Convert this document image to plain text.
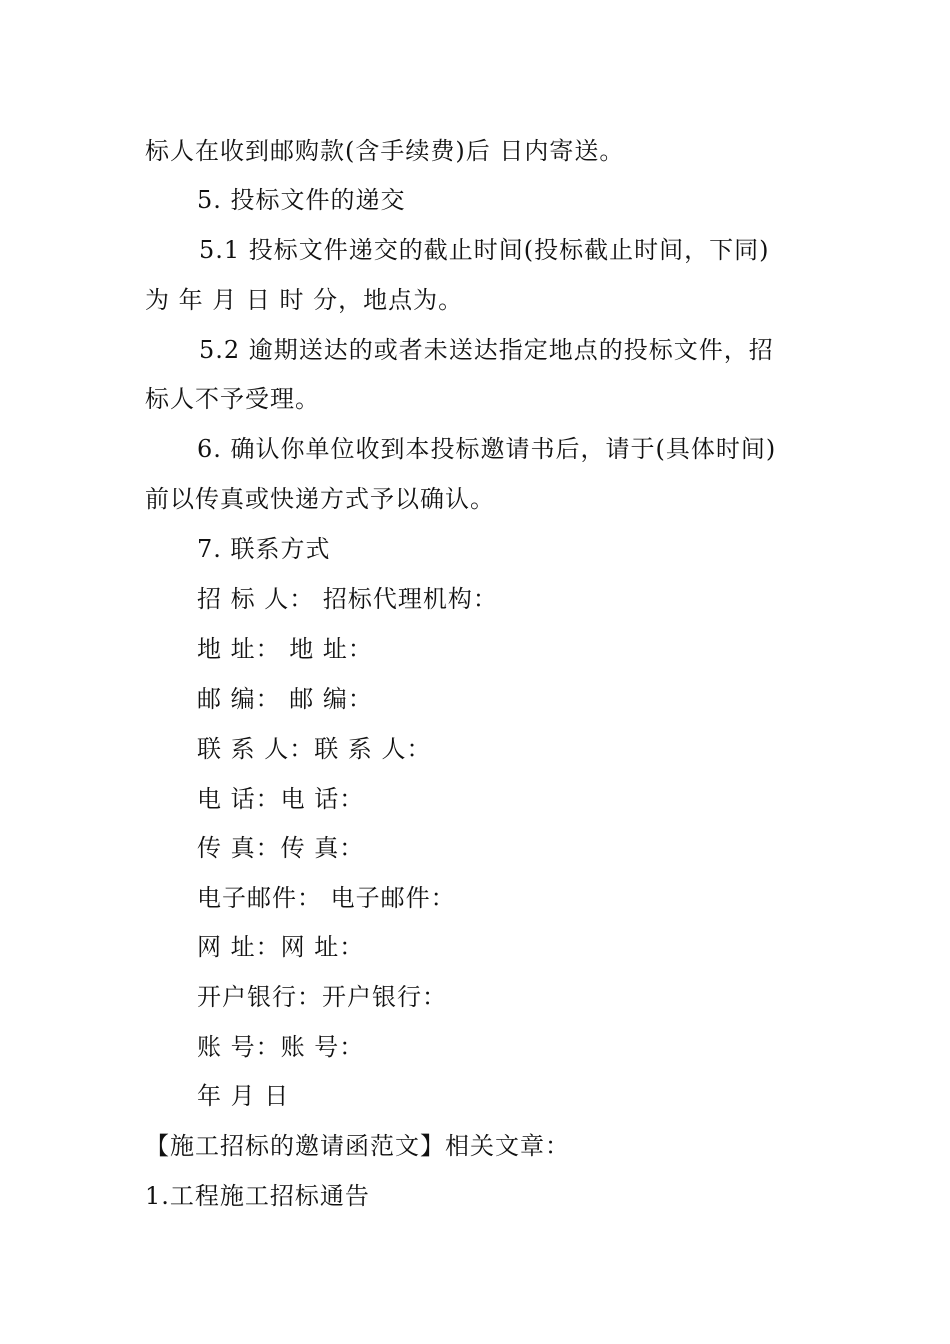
标人在收到邮购款(含手续费)后 日内寄送。
5. 投标文件的递交
5.1 投标文件递交的截止时间(投标截止时间，下同)
为 年 月 日 时 分，地点为。
5.2 逾期送达的或者未送达指定地点的投标文件，招
标人不予受理。
6. 确认你单位收到本投标邀请书后，请于(具体时间)
前以传真或快递方式予以确认。
7. 联系方式
招 标 人： 招标代理机构：
地 址： 地 址：
邮 编： 邮 编：
联 系 人：联 系 人：
电 话：电 话：
传 真：传 真：
电子邮件： 电子邮件：
网 址：网 址：
开户银行：开户银行：
账 号：账 号：
年 月 日
【施工招标的邀请函范文】相关文章：
1.工程施工招标通告
